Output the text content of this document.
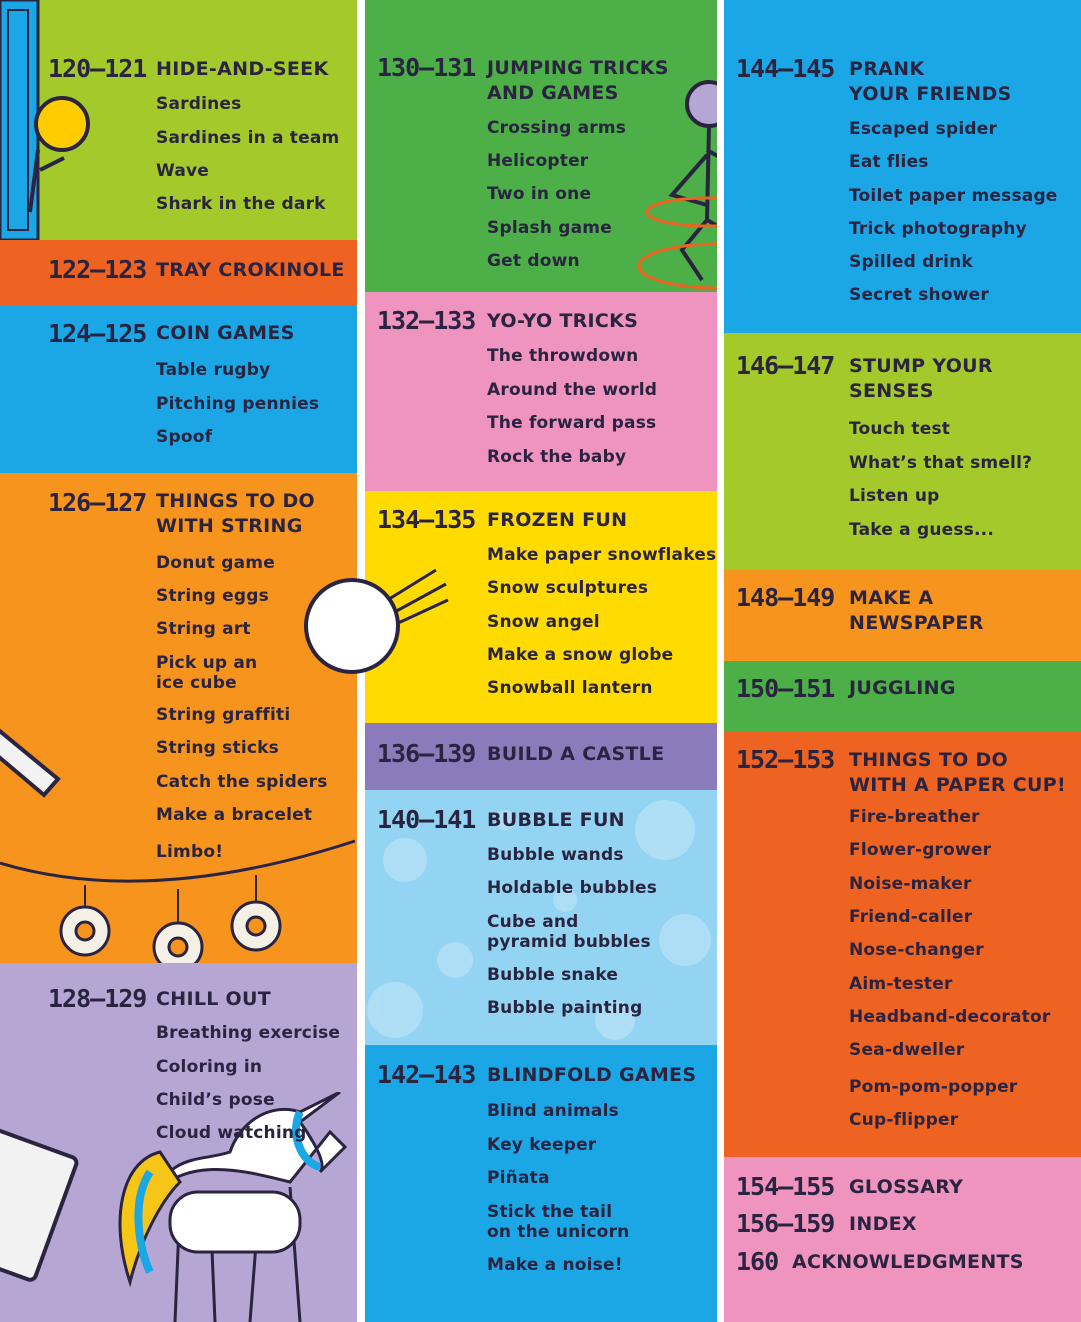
120–121 HIDE-AND-SEEK
Sardines
Sardines in a team
Wave
Shark in the dark
122–123 TRAY CROKINOLE
124–125 COIN GAMES
Table rugby
Pitching pennies
Spoof
126–127 THINGS TO DO
WITH STRING
Donut game
String eggs
String art
Pick up an
ice cube
String graffiti
String sticks
Catch the spiders
Make a bracelet
Limbo!
128–129 CHILL OUT
Breathing exercise
Coloring in
Child’s pose
Cloud watching
130–131 JUMPING TRICKS
AND GAMES
Crossing arms
Helicopter
Two in one
Splash game
Get down
132–133 YO-YO TRICKS
The throwdown
Around the world
The forward pass
Rock the baby
134–135 FROZEN FUN
Make paper snowflakes
Snow sculptures
Snow angel
Make a snow globe
Snowball lantern
136–139 BUILD A CASTLE
140–141 BUBBLE FUN
Bubble wands
Holdable bubbles
Cube and
pyramid bubbles
Bubble snake
Bubble painting
142–143 BLINDFOLD GAMES
Blind animals
Key keeper
Piñata
Stick the tail
on the unicorn
Make a noise!
144–145 PRANK
YOUR FRIENDS
Escaped spider
Eat flies
Toilet paper message
Trick photography
Spilled drink
Secret shower
146–147 STUMP YOUR
SENSES
Touch test
What’s that smell?
Listen up
Take a guess...
148–149 MAKE A
NEWSPAPER
150–151 JUGGLING
152–153 THINGS TO DO
WITH A PAPER CUP!
Fire-breather
Flower-grower
Noise-maker
Friend-caller
Nose-changer
Aim-tester
Headband-decorator
Sea-dweller
Pom-pom-popper
Cup-flipper
154–155 GLOSSARY
156–159 INDEX
160 ACKNOWLEDGMENTS
